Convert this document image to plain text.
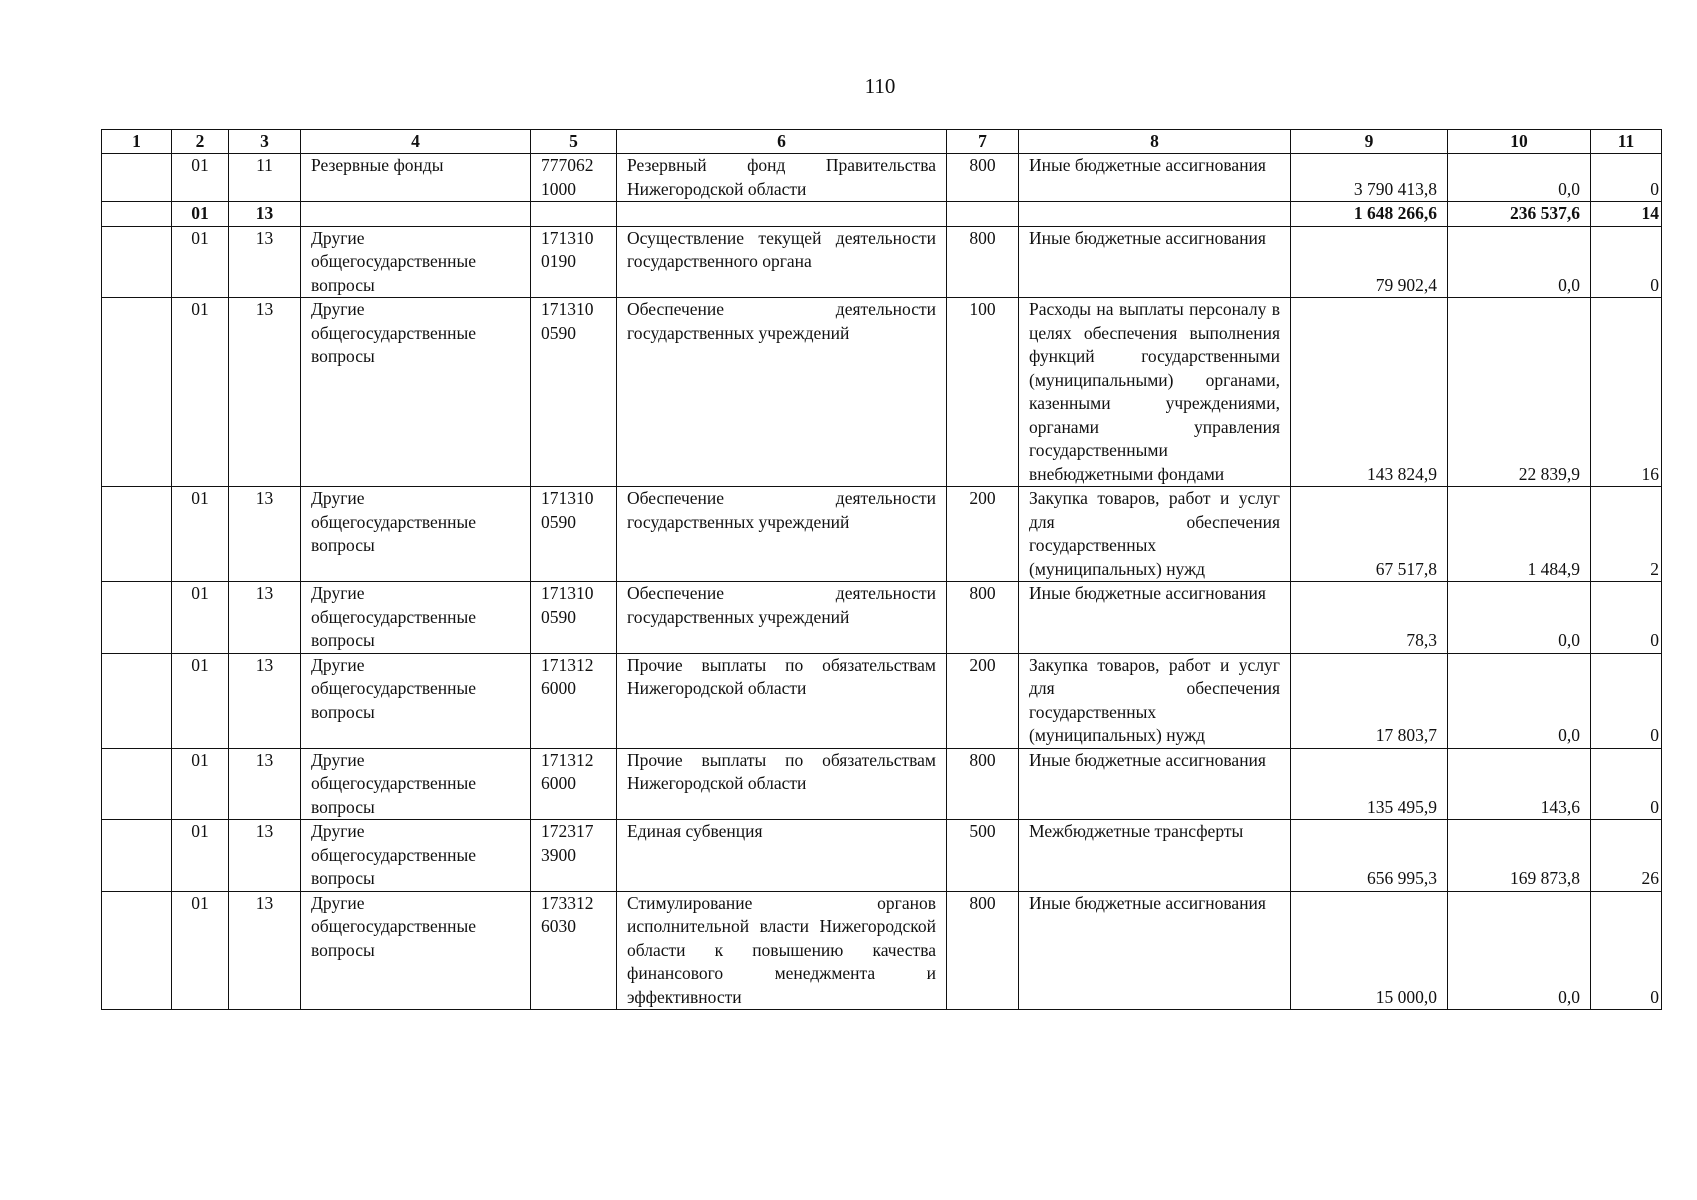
110
1	2	3	4	5	6	7	8	9	10	11
	01	11	Резервные фонды	777062 1000	Резервный фонд Правительства Нижегородской области	800	Иные бюджетные ассигнования	3 790 413,8	0,0	0
	01	13						1 648 266,6	236 537,6	14
	01	13	Другие общегосударственные вопросы	171310 0190	Осуществление текущей деятельности государственного органа	800	Иные бюджетные ассигнования	79 902,4	0,0	0
	01	13	Другие общегосударственные вопросы	171310 0590	Обеспечение деятельности государственных учреждений	100	Расходы на выплаты персоналу в целях обеспечения выполнения функций государственными (муниципальными) органами, казенными учреждениями, органами управления государственными внебюджетными фондами	143 824,9	22 839,9	16
	01	13	Другие общегосударственные вопросы	171310 0590	Обеспечение деятельности государственных учреждений	200	Закупка товаров, работ и услуг для обеспечения государственных (муниципальных) нужд	67 517,8	1 484,9	2
	01	13	Другие общегосударственные вопросы	171310 0590	Обеспечение деятельности государственных учреждений	800	Иные бюджетные ассигнования	78,3	0,0	0
	01	13	Другие общегосударственные вопросы	171312 6000	Прочие выплаты по обязательствам Нижегородской области	200	Закупка товаров, работ и услуг для обеспечения государственных (муниципальных) нужд	17 803,7	0,0	0
	01	13	Другие общегосударственные вопросы	171312 6000	Прочие выплаты по обязательствам Нижегородской области	800	Иные бюджетные ассигнования	135 495,9	143,6	0
	01	13	Другие общегосударственные вопросы	172317 3900	Единая субвенция	500	Межбюджетные трансферты	656 995,3	169 873,8	26
	01	13	Другие общегосударственные вопросы	173312 6030	Стимулирование органов исполнительной власти Нижегородской области к повышению качества финансового менеджмента и эффективности	800	Иные бюджетные ассигнования	15 000,0	0,0	0
